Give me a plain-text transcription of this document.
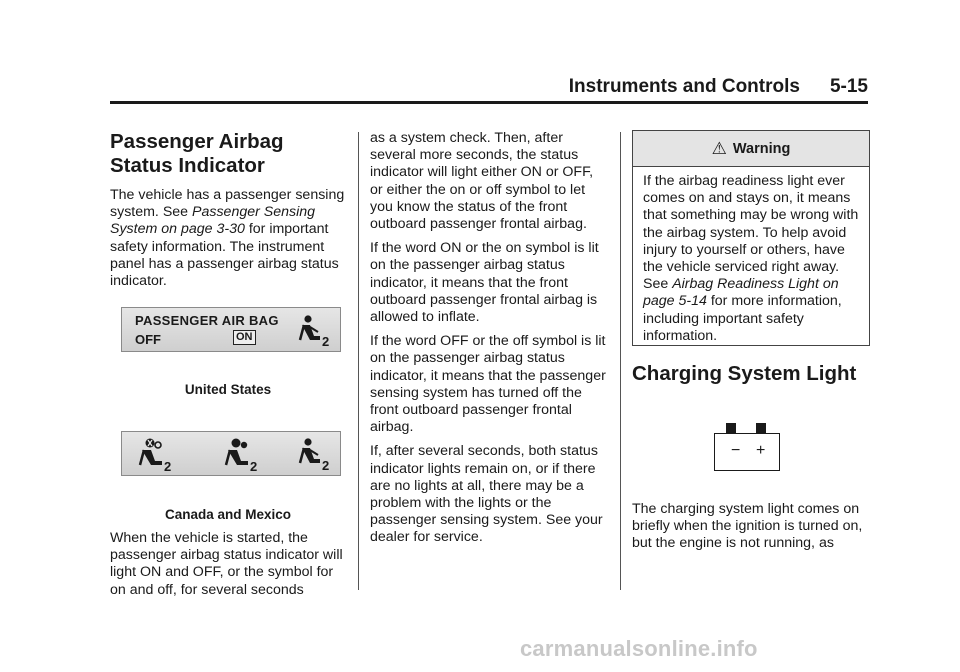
Instruments and Controls 5-15
Passenger Airbag Status Indicator

The vehicle has a passenger sensing system. See Passenger Sensing System on page 3-30 for important safety information. The instrument panel has a passenger airbag status indicator.

PASSENGER AIR BAG
OFF	ON	2
United States
2	2	2
Canada and Mexico

When the vehicle is started, the passenger airbag status indicator will light ON and OFF, or the symbol for on and off, for several seconds

as a system check. Then, after several more seconds, the status indicator will light either ON or OFF, or either the on or off symbol to let you know the status of the front outboard passenger frontal airbag.

If the word ON or the on symbol is lit on the passenger airbag status indicator, it means that the front outboard passenger frontal airbag is allowed to inflate.

If the word OFF or the off symbol is lit on the passenger airbag status indicator, it means that the passenger sensing system has turned off the front outboard passenger frontal airbag.

If, after several seconds, both status indicator lights remain on, or if there are no lights at all, there may be a problem with the lights or the passenger sensing system. See your dealer for service.

⚠ Warning
If the airbag readiness light ever comes on and stays on, it means that something may be wrong with the airbag system. To help avoid injury to yourself or others, have the vehicle serviced right away. See Airbag Readiness Light on page 5-14 for more information, including important safety information.
Charging System Light
− +
The charging system light comes on briefly when the ignition is turned on, but the engine is not running, as
carmanualsonline.info
